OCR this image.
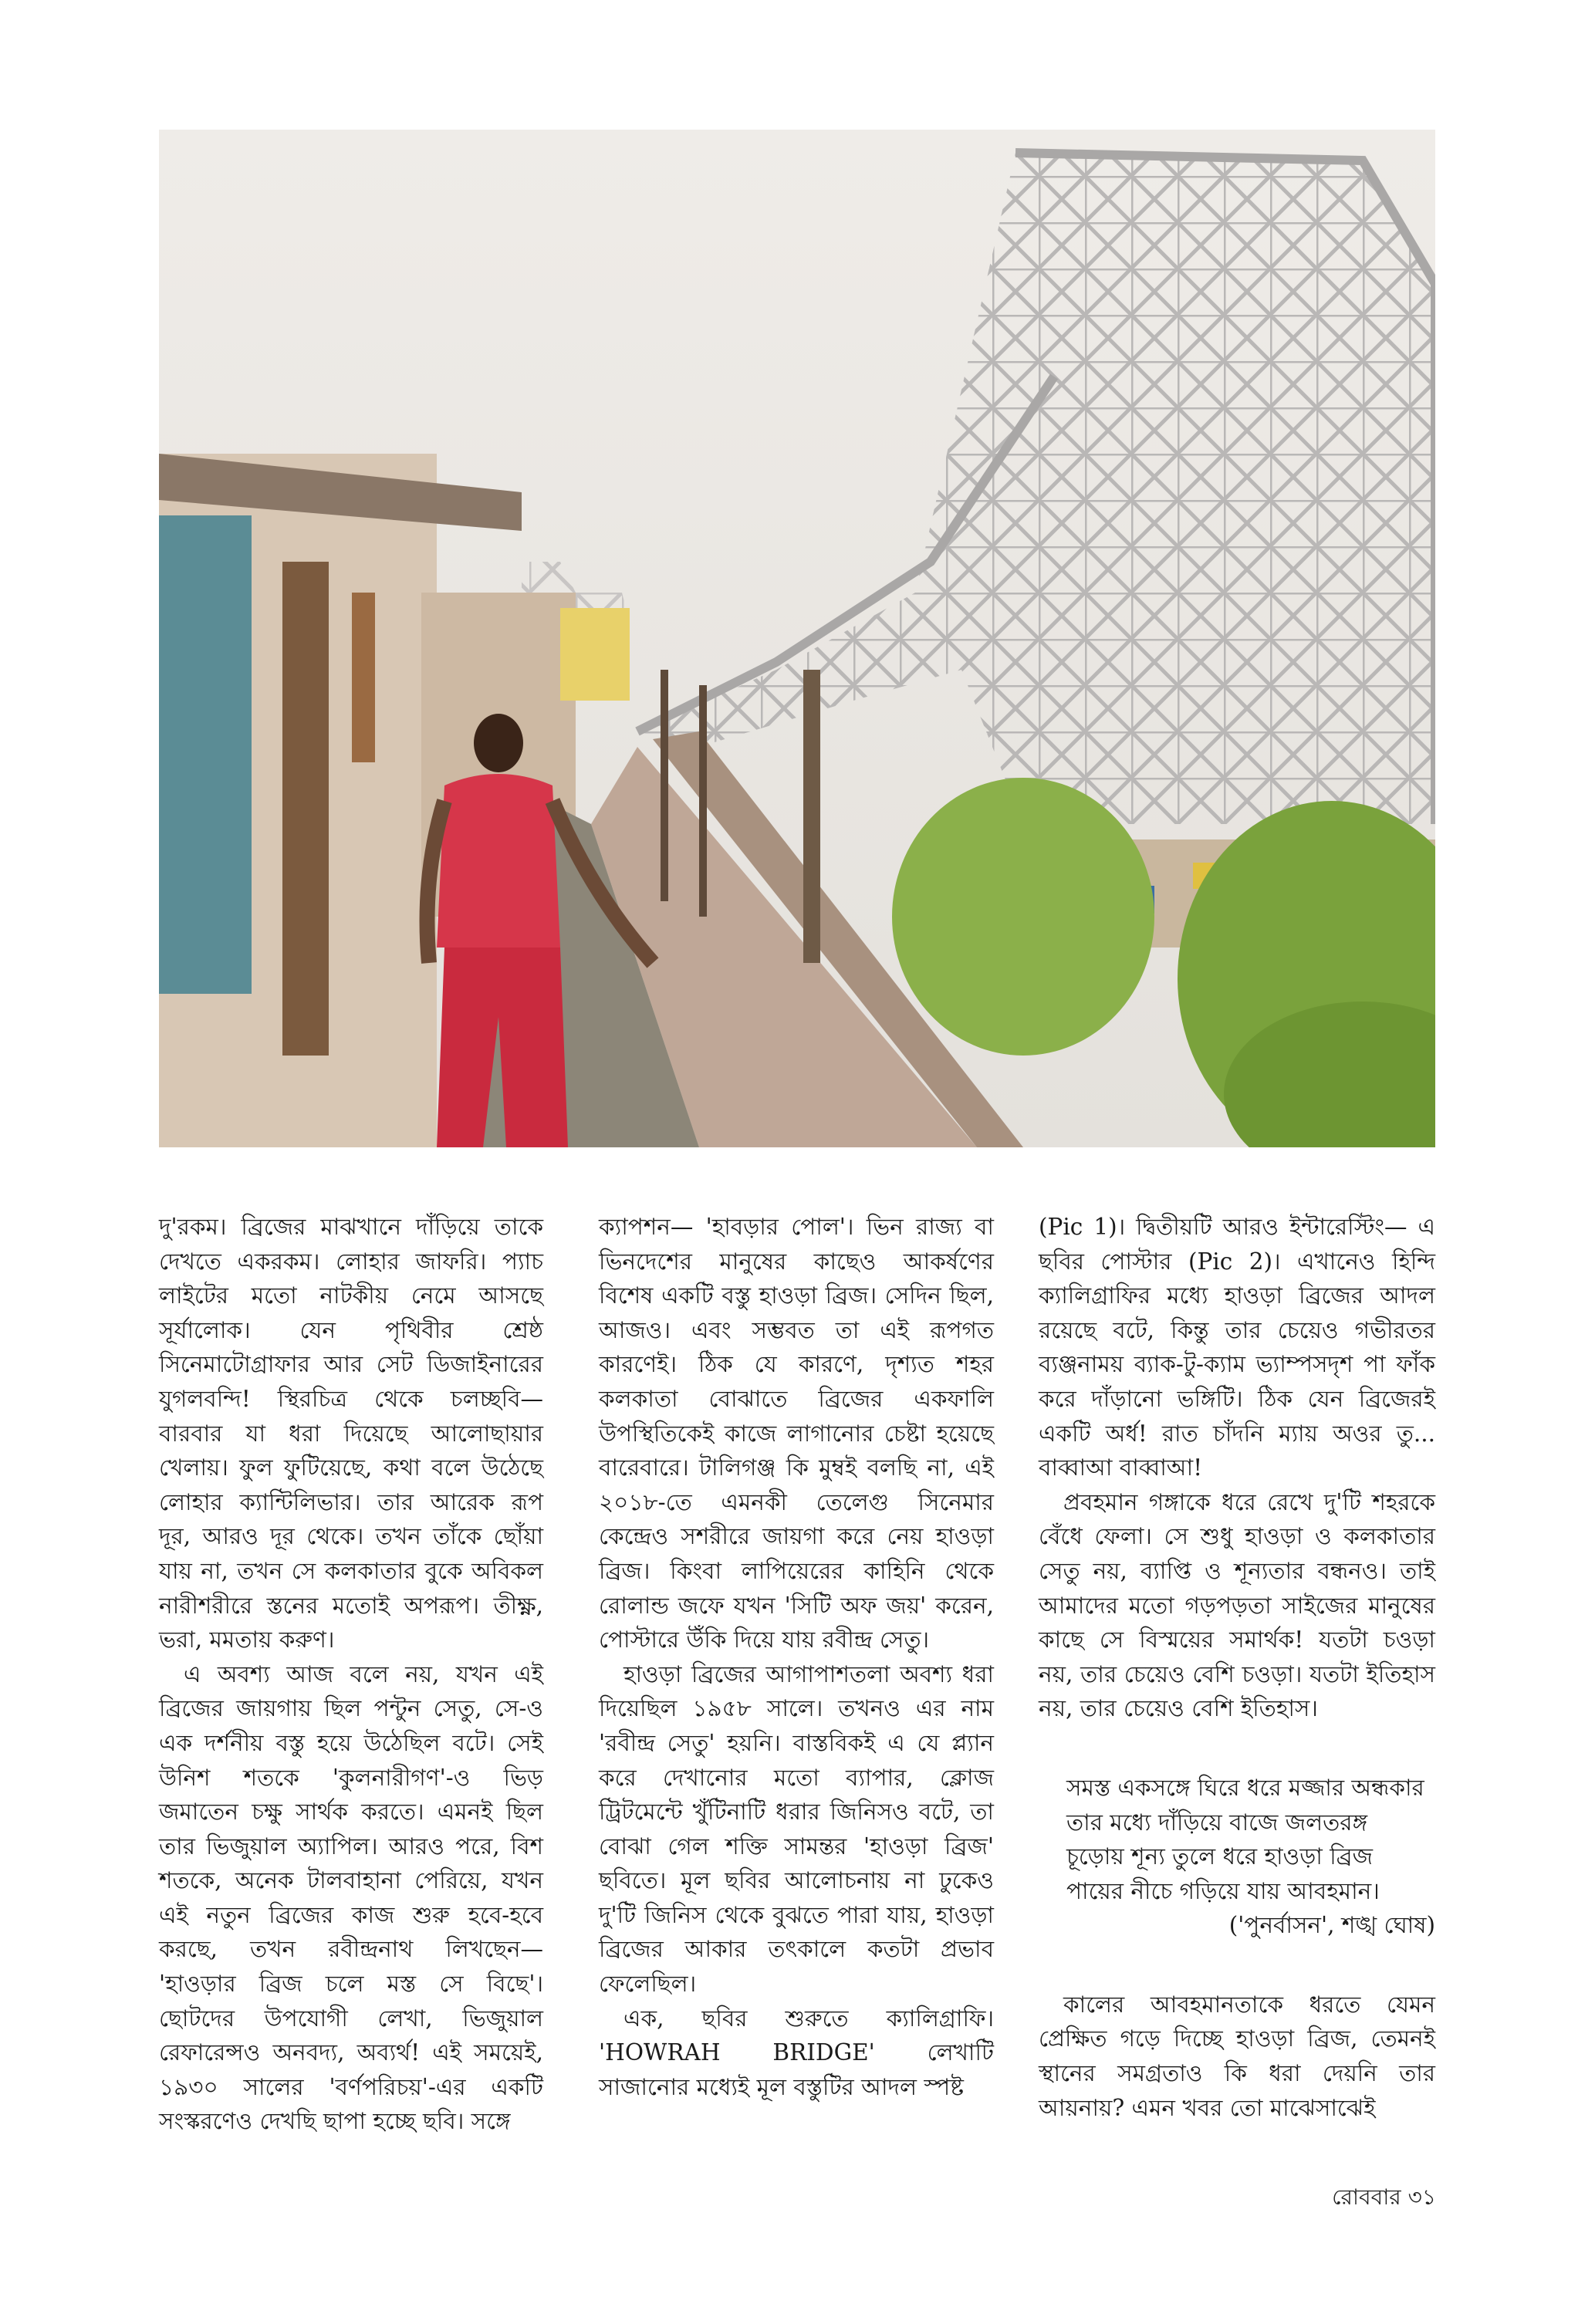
দু'রকম। ব্রিজের মাঝখানে দাঁড়িয়ে তাকে দেখতে একরকম। লোহার জাফরি। প্যাচ লাইটের মতো নাটকীয় নেমে আসছে সূর্যালোক। যেন পৃথিবীর শ্রেষ্ঠ সিনেমাটোগ্রাফার আর সেট ডিজাইনারের যুগলবন্দি! স্থিরচিত্র থেকে চলচ্ছবি— বারবার যা ধরা দিয়েছে আলোছায়ার খেলায়। ফুল ফুটিয়েছে, কথা বলে উঠেছে লোহার ক্যান্টিলিভার। তার আরেক রূপ দূর, আরও দূর থেকে। তখন তাঁকে ছোঁয়া যায় না, তখন সে কলকাতার বুকে অবিকল নারীশরীরে স্তনের মতোই অপরূপ। তীক্ষ্ণ, ভরা, মমতায় করুণ।

এ অবশ্য আজ বলে নয়, যখন এই ব্রিজের জায়গায় ছিল পন্টুন সেতু, সে-ও এক দর্শনীয় বস্তু হয়ে উঠেছিল বটে। সেই উনিশ শতকে 'কুলনারীগণ'-ও ভিড় জমাতেন চক্ষু সার্থক করতে। এমনই ছিল তার ভিজুয়াল অ্যাপিল। আরও পরে, বিশ শতকে, অনেক টালবাহানা পেরিয়ে, যখন এই নতুন ব্রিজের কাজ শুরু হবে-হবে করছে, তখন রবীন্দ্রনাথ লিখছেন— 'হাওড়ার ব্রিজ চলে মস্ত সে বিছে'। ছোটদের উপযোগী লেখা, ভিজুয়াল রেফারেন্সও অনবদ্য, অব্যর্থ! এই সময়েই, ১৯৩০ সালের 'বর্ণপরিচয়'-এর একটি সংস্করণেও দেখছি ছাপা হচ্ছে ছবি। সঙ্গে

ক্যাপশন— 'হাবড়ার পোল'। ভিন রাজ্য বা ভিনদেশের মানুষের কাছেও আকর্ষণের বিশেষ একটি বস্তু হাওড়া ব্রিজ। সেদিন ছিল, আজও। এবং সম্ভবত তা এই রূপগত কারণেই। ঠিক যে কারণে, দৃশ্যত শহর কলকাতা বোঝাতে ব্রিজের একফালি উপস্থিতিকেই কাজে লাগানোর চেষ্টা হয়েছে বারেবারে। টালিগঞ্জ কি মুম্বই বলছি না, এই ২০১৮-তে এমনকী তেলেগু সিনেমার কেন্দ্রেও সশরীরে জায়গা করে নেয় হাওড়া ব্রিজ। কিংবা লাপিয়েরের কাহিনি থেকে রোলান্ড জফে যখন 'সিটি অফ জয়' করেন, পোস্টারে উঁকি দিয়ে যায় রবীন্দ্র সেতু।

হাওড়া ব্রিজের আগাপাশতলা অবশ্য ধরা দিয়েছিল ১৯৫৮ সালে। তখনও এর নাম 'রবীন্দ্র সেতু' হয়নি। বাস্তবিকই এ যে প্ল্যান করে দেখানোর মতো ব্যাপার, ক্লোজ ট্রিটমেন্টে খুঁটিনাটি ধরার জিনিসও বটে, তা বোঝা গেল শক্তি সামন্তর 'হাওড়া ব্রিজ' ছবিতে। মূল ছবির আলোচনায় না ঢুকেও দু'টি জিনিস থেকে বুঝতে পারা যায়, হাওড়া ব্রিজের আকার তৎকালে কতটা প্রভাব ফেলেছিল।

এক, ছবির শুরুতে ক্যালিগ্রাফি। 'HOWRAH BRIDGE' লেখাটি সাজানোর মধ্যেই মূল বস্তুটির আদল স্পষ্ট

(Pic 1)। দ্বিতীয়টি আরও ইন্টারেস্টিং— এ ছবির পোস্টার (Pic 2)। এখানেও হিন্দি ক্যালিগ্রাফির মধ্যে হাওড়া ব্রিজের আদল রয়েছে বটে, কিন্তু তার চেয়েও গভীরতর ব্যঞ্জনাময় ব্যাক-টু-ক্যাম ভ্যাম্পসদৃশ পা ফাঁক করে দাঁড়ানো ভঙ্গিটি। ঠিক যেন ব্রিজেরই একটি অর্ধ! রাত চাঁদনি ম্যায় অওর তু... বাব্বাআ বাব্বাআ!

প্রবহমান গঙ্গাকে ধরে রেখে দু'টি শহরকে বেঁধে ফেলা। সে শুধু হাওড়া ও কলকাতার সেতু নয়, ব্যাপ্তি ও শূন্যতার বন্ধনও। তাই আমাদের মতো গড়পড়তা সাইজের মানুষের কাছে সে বিস্ময়ের সমার্থক! যতটা চওড়া নয়, তার চেয়েও বেশি চওড়া। যতটা ইতিহাস নয়, তার চেয়েও বেশি ইতিহাস।

সমস্ত একসঙ্গে ঘিরে ধরে মজ্জার অন্ধকার
তার মধ্যে দাঁড়িয়ে বাজে জলতরঙ্গ
চূড়োয় শূন্য তুলে ধরে হাওড়া ব্রিজ
পায়ের নীচে গড়িয়ে যায় আবহমান।
('পুনর্বাসন', শঙ্খ ঘোষ)

কালের আবহমানতাকে ধরতে যেমন প্রেক্ষিত গড়ে দিচ্ছে হাওড়া ব্রিজ, তেমনই স্থানের সমগ্রতাও কি ধরা দেয়নি তার আয়নায়? এমন খবর তো মাঝেসাঝেই

রোববার ৩১
